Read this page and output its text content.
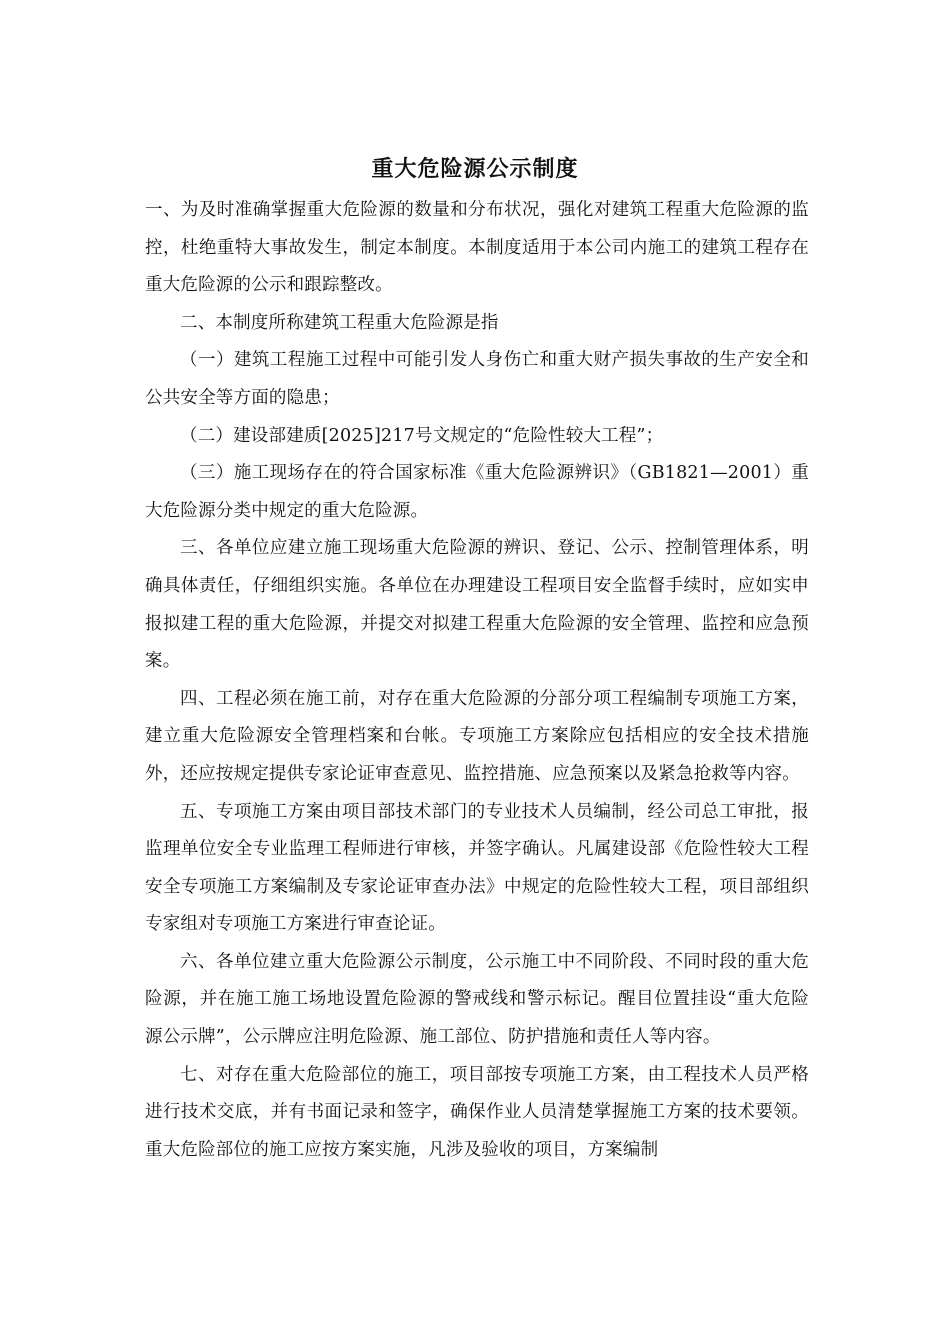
重大危险源公示制度

一、为及时准确掌握重大危险源的数量和分布状况，强化对建筑工程重大危险源的监控，杜绝重特大事故发生，制定本制度。本制度适用于本公司内施工的建筑工程存在重大危险源的公示和跟踪整改。

二、本制度所称建筑工程重大危险源是指

（一）建筑工程施工过程中可能引发人身伤亡和重大财产损失事故的生产安全和公共安全等方面的隐患；

（二）建设部建质[2025]217号文规定的“危险性较大工程”；

（三）施工现场存在的符合国家标准《重大危险源辨识》（GB1821—2001）重大危险源分类中规定的重大危险源。

三、各单位应建立施工现场重大危险源的辨识、登记、公示、控制管理体系，明确具体责任，仔细组织实施。各单位在办理建设工程项目安全监督手续时，应如实申报拟建工程的重大危险源，并提交对拟建工程重大危险源的安全管理、监控和应急预案。

四、工程必须在施工前，对存在重大危险源的分部分项工程编制专项施工方案，建立重大危险源安全管理档案和台帐。专项施工方案除应包括相应的安全技术措施外，还应按规定提供专家论证审查意见、监控措施、应急预案以及紧急抢救等内容。

五、专项施工方案由项目部技术部门的专业技术人员编制，经公司总工审批，报监理单位安全专业监理工程师进行审核，并签字确认。凡属建设部《危险性较大工程安全专项施工方案编制及专家论证审查办法》中规定的危险性较大工程，项目部组织专家组对专项施工方案进行审查论证。

六、各单位建立重大危险源公示制度，公示施工中不同阶段、不同时段的重大危险源，并在施工施工场地设置危险源的警戒线和警示标记。醒目位置挂设“重大危险源公示牌”，公示牌应注明危险源、施工部位、防护措施和责任人等内容。

七、对存在重大危险部位的施工，项目部按专项施工方案，由工程技术人员严格进行技术交底，并有书面记录和签字，确保作业人员清楚掌握施工方案的技术要领。重大危险部位的施工应按方案实施，凡涉及验收的项目，方案编制
